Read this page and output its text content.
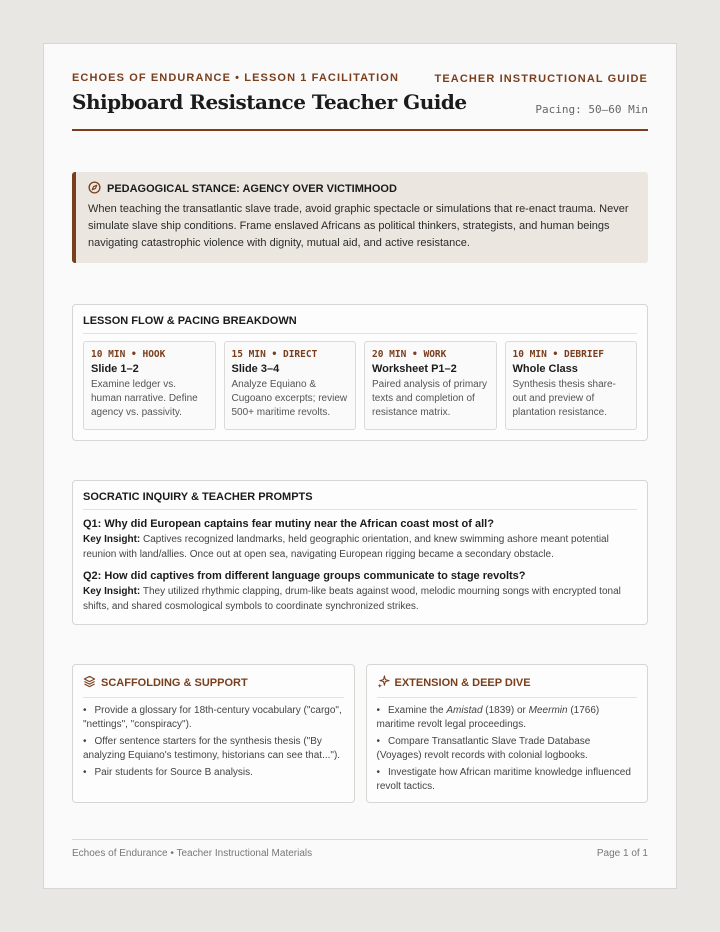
ECHOES OF ENDURANCE • LESSON 1 FACILITATION	TEACHER INSTRUCTIONAL GUIDE
Shipboard Resistance Teacher Guide	Pacing: 50–60 Min
PEDAGOGICAL STANCE: AGENCY OVER VICTIMHOOD
When teaching the transatlantic slave trade, avoid graphic spectacle or simulations that re-enact trauma. Never simulate slave ship conditions. Frame enslaved Africans as political thinkers, strategists, and human beings navigating catastrophic violence with dignity, mutual aid, and active resistance.
LESSON FLOW & PACING BREAKDOWN
10 MIN • HOOK
Slide 1–2
Examine ledger vs. human narrative. Define agency vs. passivity.
15 MIN • DIRECT
Slide 3–4
Analyze Equiano & Cugoano excerpts; review 500+ maritime revolts.
20 MIN • WORK
Worksheet P1–2
Paired analysis of primary texts and completion of resistance matrix.
10 MIN • DEBRIEF
Whole Class
Synthesis thesis share-out and preview of plantation resistance.
SOCRATIC INQUIRY & TEACHER PROMPTS
Q1: Why did European captains fear mutiny near the African coast most of all?
Key Insight: Captives recognized landmarks, held geographic orientation, and knew swimming ashore meant potential reunion with land/allies. Once out at open sea, navigating European rigging became a secondary obstacle.
Q2: How did captives from different language groups communicate to stage revolts?
Key Insight: They utilized rhythmic clapping, drum-like beats against wood, melodic mourning songs with encrypted tonal shifts, and shared cosmological symbols to coordinate synchronized strikes.
SCAFFOLDING & SUPPORT
• Provide a glossary for 18th-century vocabulary ("cargo", "nettings", "conspiracy").
• Offer sentence starters for the synthesis thesis ("By analyzing Equiano's testimony, historians can see that...").
• Pair students for Source B analysis.
EXTENSION & DEEP DIVE
• Examine the Amistad (1839) or Meermin (1766) maritime revolt legal proceedings.
• Compare Transatlantic Slave Trade Database (Voyages) revolt records with colonial logbooks.
• Investigate how African maritime knowledge influenced revolt tactics.
Echoes of Endurance • Teacher Instructional Materials	Page 1 of 1
